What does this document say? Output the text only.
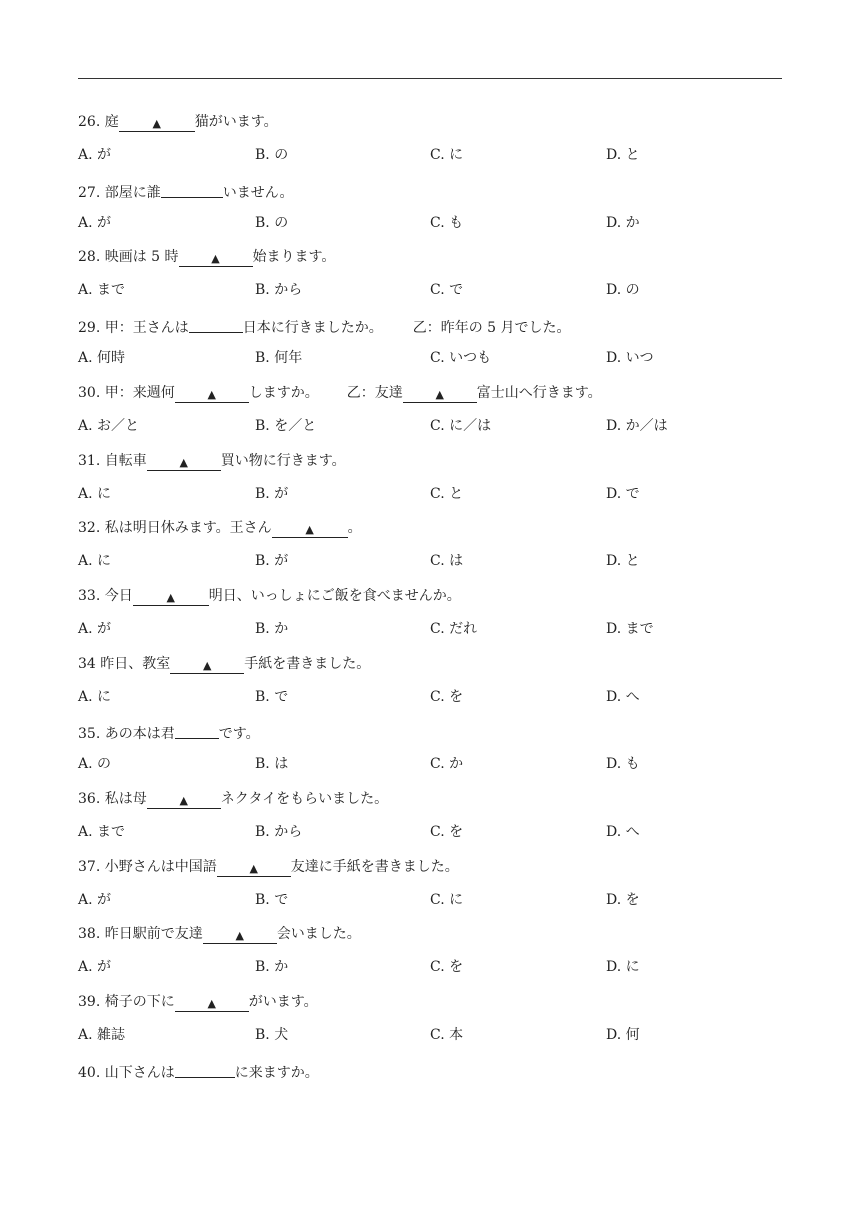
26. 庭	▲ 猫がいます。
A. が	B. の	C. に	D. と
27. 部屋に誰	いません。
A. が	B. の	C. も	D. か
28. 映画は 5 時	▲ 始まります。
A. まで	B. から	C. で	D. の
29. 甲：王さんは	日本に行きましたか。 乙：昨年の 5 月でした。
A. 何時	B. 何年	C. いつも	D. いつ
30. 甲：来週何	▲ しますか。 乙：友達	▲ 富士山へ行きます。
A. お／と	B. を／と	C. に／は	D. か／は
31. 自転車	▲ 買い物に行きます。
A. に	B. が	C. と	D. で
32. 私は明日休みます。王さん	▲ 。
A. に	B. が	C. は	D. と
33. 今日	▲ 明日、いっしょにご飯を食べませんか。
A. が	B. か	C. だれ	D. まで
34 昨日、教室	▲ 手紙を書きました。
A. に	B. で	C. を	D. へ
35. あの本は君	です。
A. の	B. は	C. か	D. も
36. 私は母	▲ ネクタイをもらいました。
A. まで	B. から	C. を	D. へ
37. 小野さんは中国語	▲ 友達に手紙を書きました。
A. が	B. で	C. に	D. を
38. 昨日駅前で友達	▲ 会いました。
A. が	B. か	C. を	D. に
39. 椅子の下に	▲ がいます。
A. 雑誌	B. 犬	C. 本	D. 何
40. 山下さんは	に来ますか。
